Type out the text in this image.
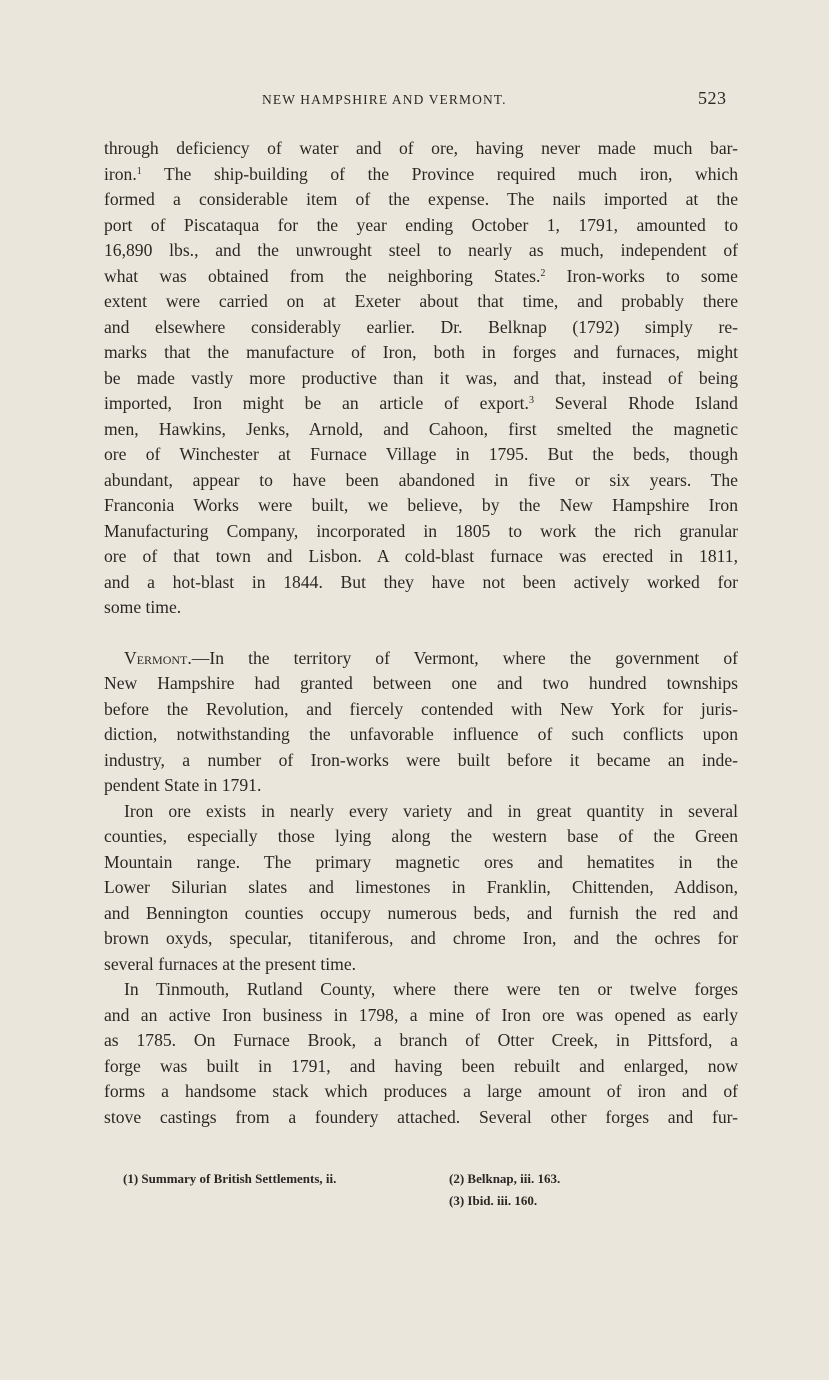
NEW HAMPSHIRE AND VERMONT.	523

through deficiency of water and of ore, having never made much bar-
iron.$^1$ The ship-building of the Province required much iron, which
formed a considerable item of the expense. The nails imported at the
port of Piscataqua for the year ending October 1, 1791, amounted to
16,890 lbs., and the unwrought steel to nearly as much, independent of
what was obtained from the neighboring States.$^2$ Iron-works to some
extent were carried on at Exeter about that time, and probably there
and elsewhere considerably earlier. Dr. Belknap (1792) simply re-
marks that the manufacture of Iron, both in forges and furnaces, might
be made vastly more productive than it was, and that, instead of being
imported, Iron might be an article of export.$^3$ Several Rhode Island
men, Hawkins, Jenks, Arnold, and Cahoon, first smelted the magnetic
ore of Winchester at Furnace Village in 1795. But the beds, though
abundant, appear to have been abandoned in five or six years. The
Franconia Works were built, we believe, by the New Hampshire Iron
Manufacturing Company, incorporated in 1805 to work the rich granular
ore of that town and Lisbon. A cold-blast furnace was erected in 1811,
and a hot-blast in 1844. But they have not been actively worked for
some time.

Vermont.—In the territory of Vermont, where the government of
New Hampshire had granted between one and two hundred townships
before the Revolution, and fiercely contended with New York for juris-
diction, notwithstanding the unfavorable influence of such conflicts upon
industry, a number of Iron-works were built before it became an inde-
pendent State in 1791.

Iron ore exists in nearly every variety and in great quantity in several
counties, especially those lying along the western base of the Green
Mountain range. The primary magnetic ores and hematites in the
Lower Silurian slates and limestones in Franklin, Chittenden, Addison,
and Bennington counties occupy numerous beds, and furnish the red and
brown oxyds, specular, titaniferous, and chrome Iron, and the ochres for
several furnaces at the present time.

In Tinmouth, Rutland County, where there were ten or twelve forges
and an active Iron business in 1798, a mine of Iron ore was opened as early
as 1785. On Furnace Brook, a branch of Otter Creek, in Pittsford, a
forge was built in 1791, and having been rebuilt and enlarged, now
forms a handsome stack which produces a large amount of iron and of
stove castings from a foundery attached. Several other forges and fur-

(1) Summary of British Settlements, ii.	(2) Belknap, iii. 163.
(3) Ibid. iii. 160.
